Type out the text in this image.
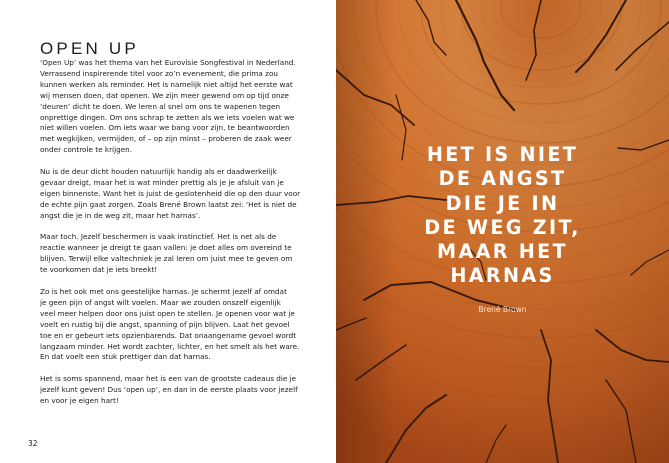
OPEN UP
‘Open Up’ was het thema van het Eurovisie Songfestival in Nederland.
Verrassend inspirerende titel voor zo’n evenement, die prima zou
kunnen werken als reminder. Het is namelijk niet altijd het eerste wat
wij mensen doen, dat openen. We zijn meer gewend om op tijd onze
‘deuren’ dicht te doen. We leren al snel om ons te wapenen tegen
onprettige dingen. Om ons schrap te zetten als we iets voelen wat we
niet willen voelen. Om iets waar we bang voor zijn, te beantwoorden
met wegkijken, vermijden, of – op zijn minst – proberen de zaak weer
onder controle te krijgen.
Nu is de deur dicht houden natuurlijk handig als er daadwerkelijk
gevaar dreigt, maar het is wat minder prettig als je je afsluit van je
eigen binnenste. Want het is juist de geslotenheid die op den duur voor
de echte pijn gaat zorgen. Zoals Brené Brown laatst zei: ‘Het is niet de
angst die je in de weg zit, maar het harnas’.
Maar toch. Jezelf beschermen is vaak instinctief. Het is net als de
reactie wanneer je dreigt te gaan vallen: je doet alles om overeind te
blijven. Terwijl elke valtechniek je zal leren om juist mee te geven om
te voorkomen dat je iets breekt!
Zo is het ook met ons geestelijke harnas. Je schermt jezelf af omdat
je geen pijn of angst wilt voelen. Maar we zouden onszelf eigenlijk
veel meer helpen door ons juist open te stellen. Je openen voor wat je
voelt en rustig bij die angst, spanning of pijn blijven. Laat het gevoel
toe en er gebeurt iets opzienbarends. Dat onaangename gevoel wordt
langzaam minder. Het wordt zachter, lichter, en het smelt als het ware.
En dat voelt een stuk prettiger dan dat harnas.
Het is soms spannend, maar het is een van de grootste cadeaus die je
jezelf kunt geven! Dus ‘open up’, en dan in de eerste plaats voor jezelf
en voor je eigen hart!
32
HET IS NIET
DE ANGST
DIE JE IN
DE WEG ZIT,
MAAR HET
HARNAS
Brené Brown
